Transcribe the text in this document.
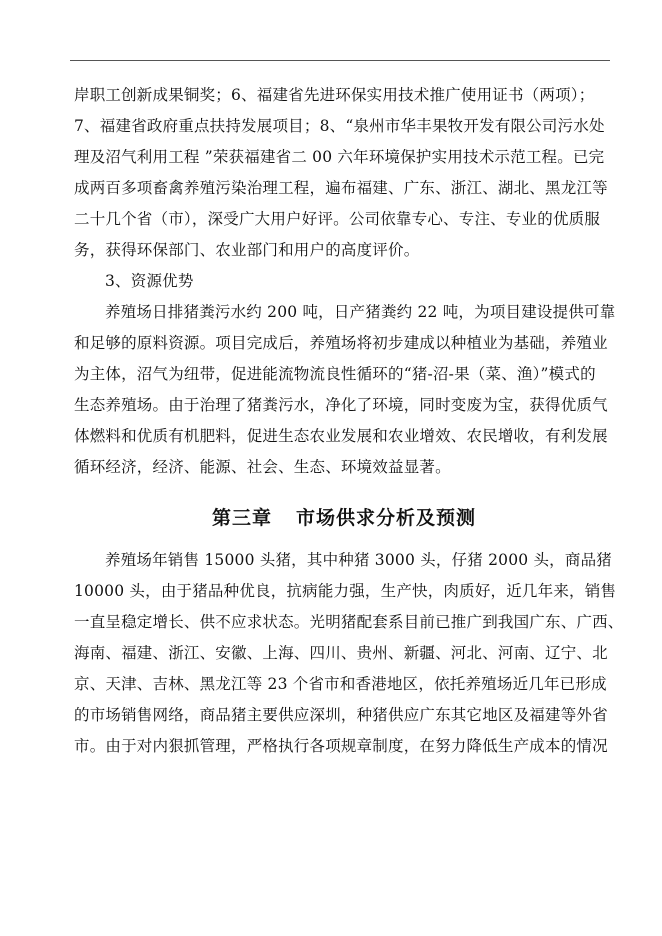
岸职工创新成果铜奖；6、福建省先进环保实用技术推广使用证书（两项）；
7、福建省政府重点扶持发展项目；8、“泉州市华丰果牧开发有限公司污水处
理及沼气利用工程 ”荣获福建省二 00 六年环境保护实用技术示范工程。已完
成两百多项畜禽养殖污染治理工程，遍布福建、广东、浙江、湖北、黑龙江等
二十几个省（市），深受广大用户好评。公司依靠专心、专注、专业的优质服
务，获得环保部门、农业部门和用户的高度评价。
3、资源优势
养殖场日排猪粪污水约 200 吨，日产猪粪约 22 吨，为项目建设提供可靠
和足够的原料资源。项目完成后，养殖场将初步建成以种植业为基础，养殖业
为主体，沼气为纽带，促进能流物流良性循环的“猪-沼-果（菜、渔）”模式的
生态养殖场。由于治理了猪粪污水，净化了环境，同时变废为宝，获得优质气
体燃料和优质有机肥料，促进生态农业发展和农业增效、农民增收，有利发展
循环经济，经济、能源、社会、生态、环境效益显著。
第三章 市场供求分析及预测
养殖场年销售 15000 头猪，其中种猪 3000 头，仔猪 2000 头，商品猪
10000 头，由于猪品种优良，抗病能力强，生产快，肉质好，近几年来，销售
一直呈稳定增长、供不应求状态。光明猪配套系目前已推广到我国广东、广西、
海南、福建、浙江、安徽、上海、四川、贵州、新疆、河北、河南、辽宁、北
京、天津、吉林、黑龙江等 23 个省市和香港地区，依托养殖场近几年已形成
的市场销售网络，商品猪主要供应深圳，种猪供应广东其它地区及福建等外省
市。由于对内狠抓管理，严格执行各项规章制度，在努力降低生产成本的情况
